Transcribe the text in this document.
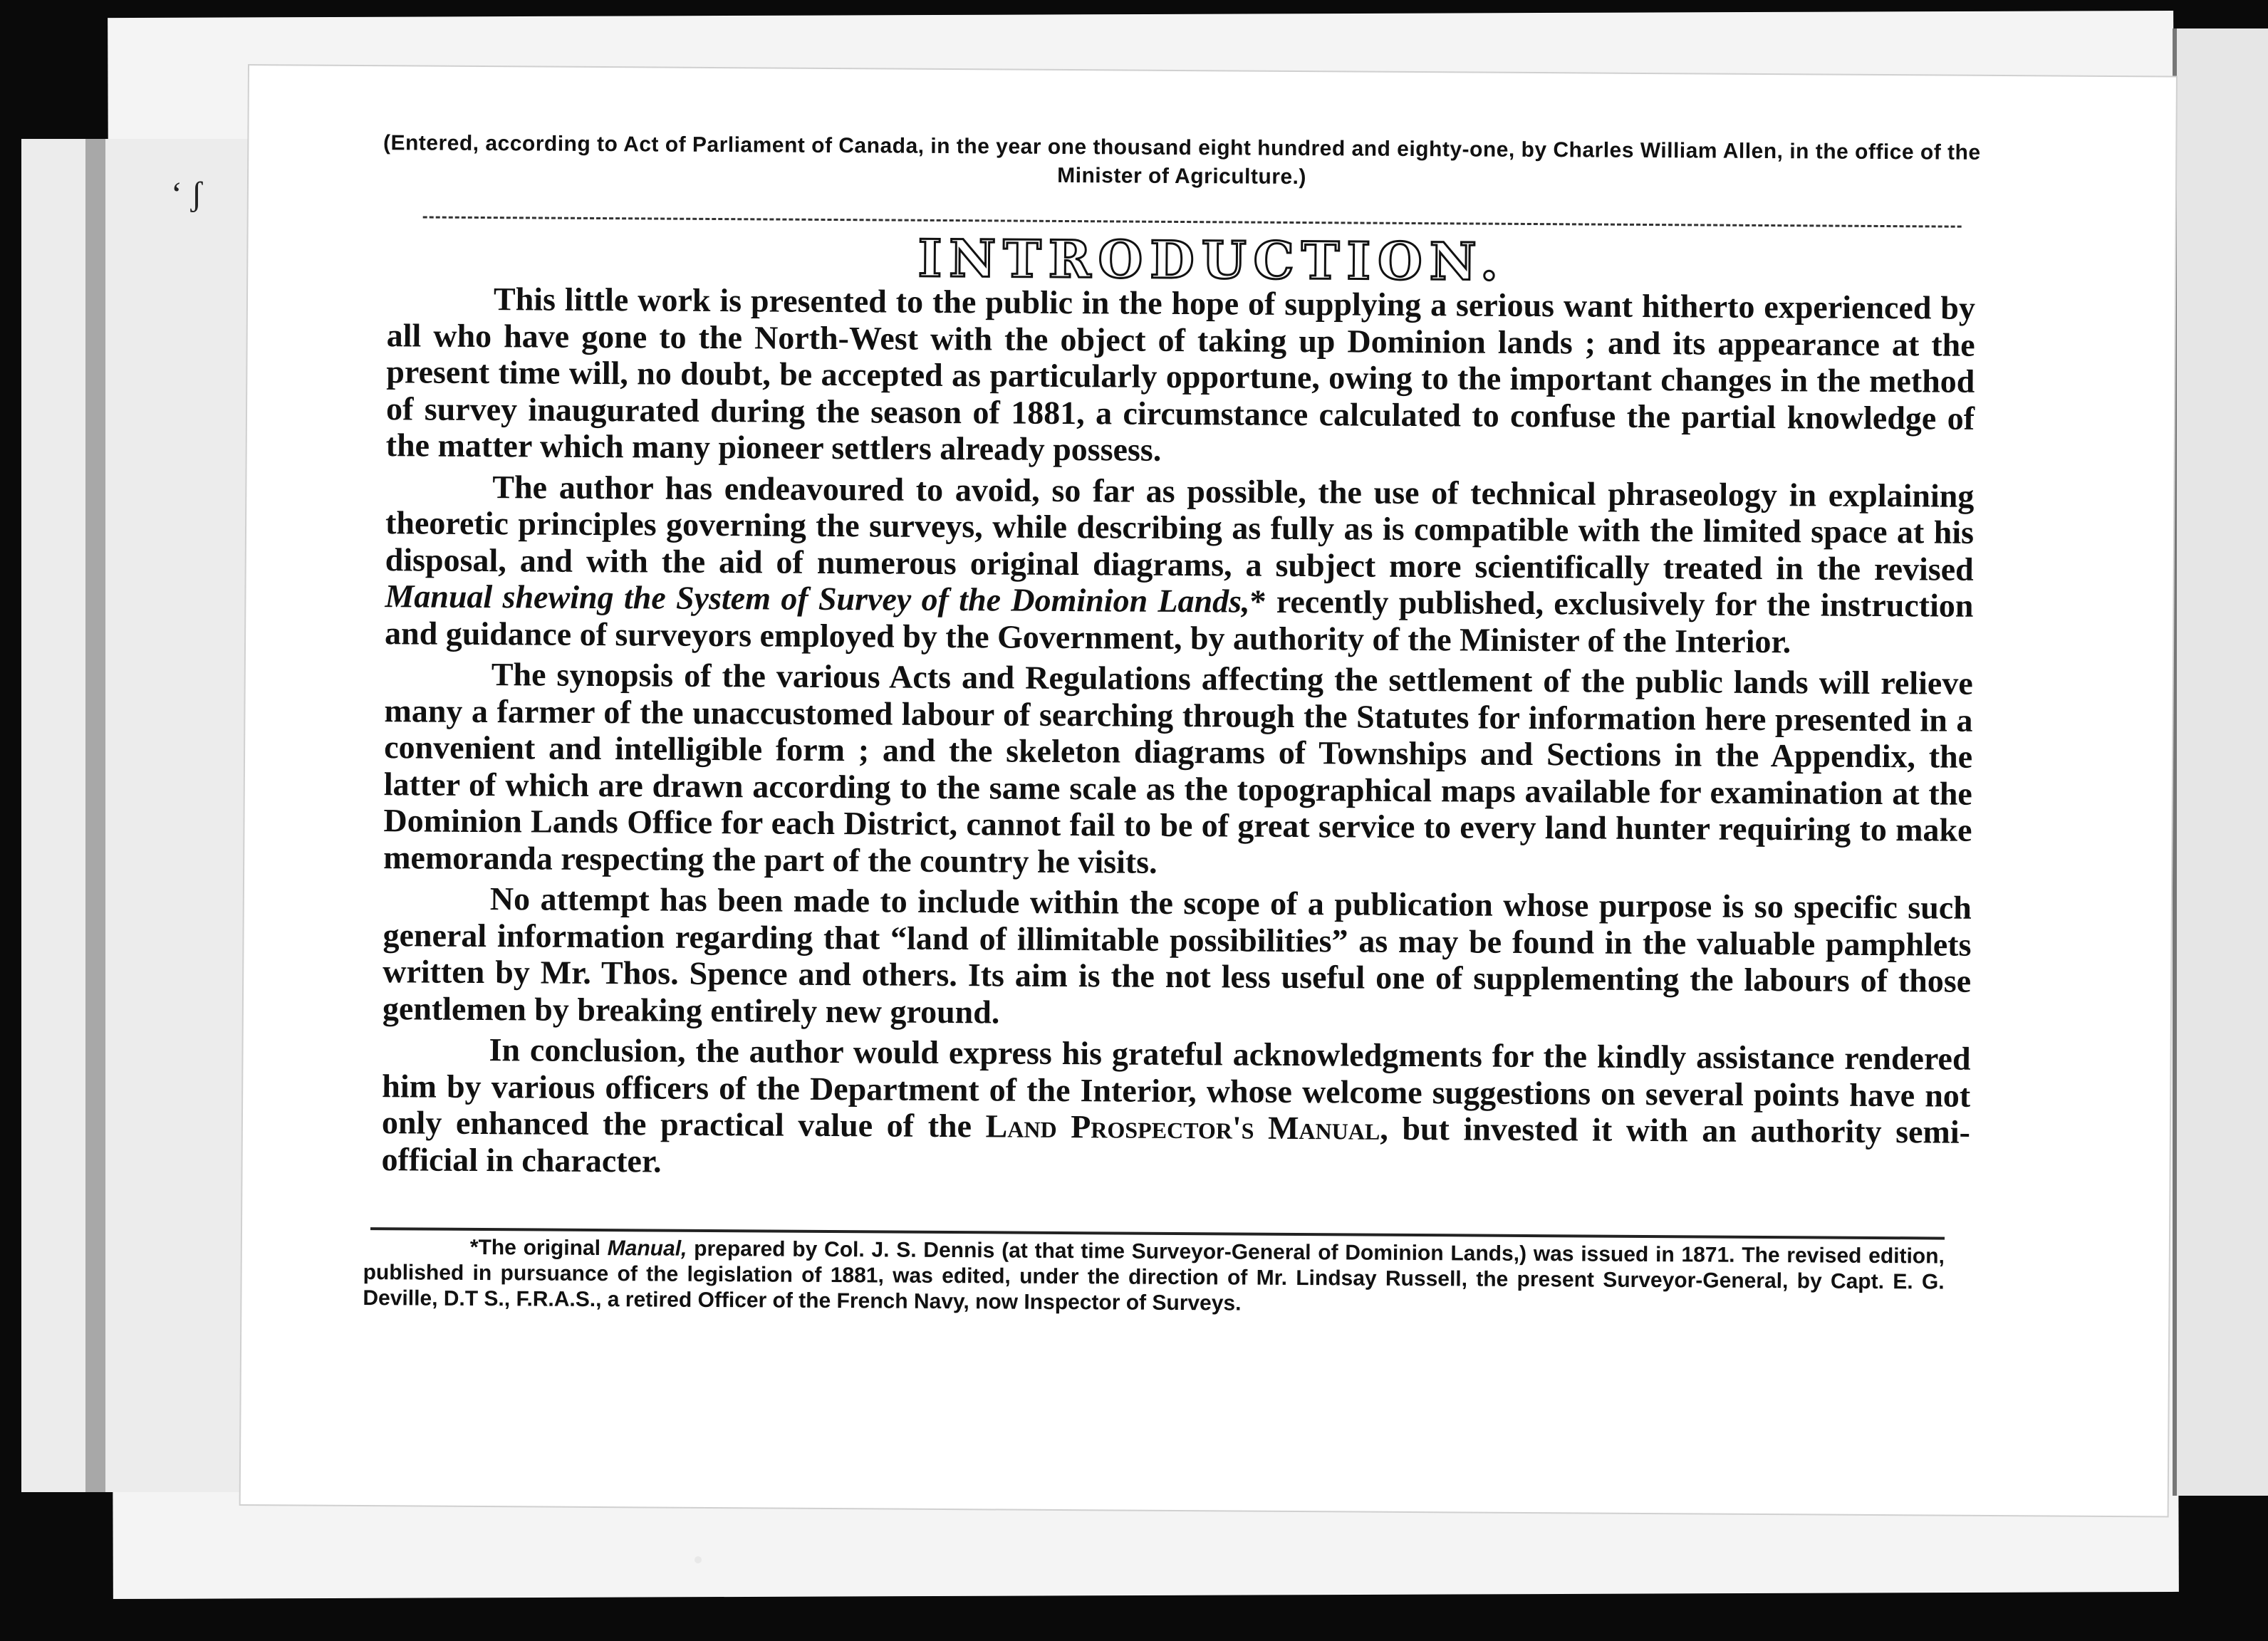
ʻ ʃ
(Entered, according to Act of Parliament of Canada, in the year one thousand eight hundred and eighty-one, by Charles William Allen, in the office of the Minister of Agriculture.)
INTRODUCTION.

This little work is presented to the public in the hope of supplying a serious want hitherto experienced by all who have gone to the North-West with the object of taking up Dominion lands ; and its appearance at the present time will, no doubt, be accepted as particularly opportune, owing to the important changes in the method of survey inaugurated during the season of 1881, a circumstance calculated to confuse the partial knowledge of the matter which many pioneer settlers already possess.

The author has endeavoured to avoid, so far as possible, the use of technical phraseology in explaining theoretic principles governing the surveys, while describing as fully as is compatible with the limited space at his disposal, and with the aid of numerous original diagrams, a subject more scientifically treated in the revised Manual shewing the System of Survey of the Dominion Lands,* recently published, exclusively for the instruction and guidance of surveyors employed by the Government, by authority of the Minister of the Interior.

The synopsis of the various Acts and Regulations affecting the settlement of the public lands will relieve many a farmer of the unaccustomed labour of searching through the Statutes for information here presented in a convenient and intelligible form ; and the skeleton diagrams of Townships and Sections in the Appendix, the latter of which are drawn according to the same scale as the topographical maps available for examination at the Dominion Lands Office for each District, cannot fail to be of great service to every land hunter requiring to make memoranda respecting the part of the country he visits.

No attempt has been made to include within the scope of a publication whose purpose is so specific such general information regarding that “land of illimitable possibilities” as may be found in the valuable pamphlets written by Mr. Thos. Spence and others. Its aim is the not less useful one of supplementing the labours of those gentlemen by breaking entirely new ground.

In conclusion, the author would express his grateful acknowledgments for the kindly assistance rendered him by various officers of the Department of the Interior, whose welcome suggestions on several points have not only enhanced the practical value of the Land Prospector's Manual, but invested it with an authority semi-official in character.

*The original Manual, prepared by Col. J. S. Dennis (at that time Surveyor-General of Dominion Lands,) was issued in 1871. The revised edition, published in pursuance of the legislation of 1881, was edited, under the direction of Mr. Lindsay Russell, the present Surveyor-General, by Capt. E. G. Deville, D.T S., F.R.A.S., a retired Officer of the French Navy, now Inspector of Surveys.
